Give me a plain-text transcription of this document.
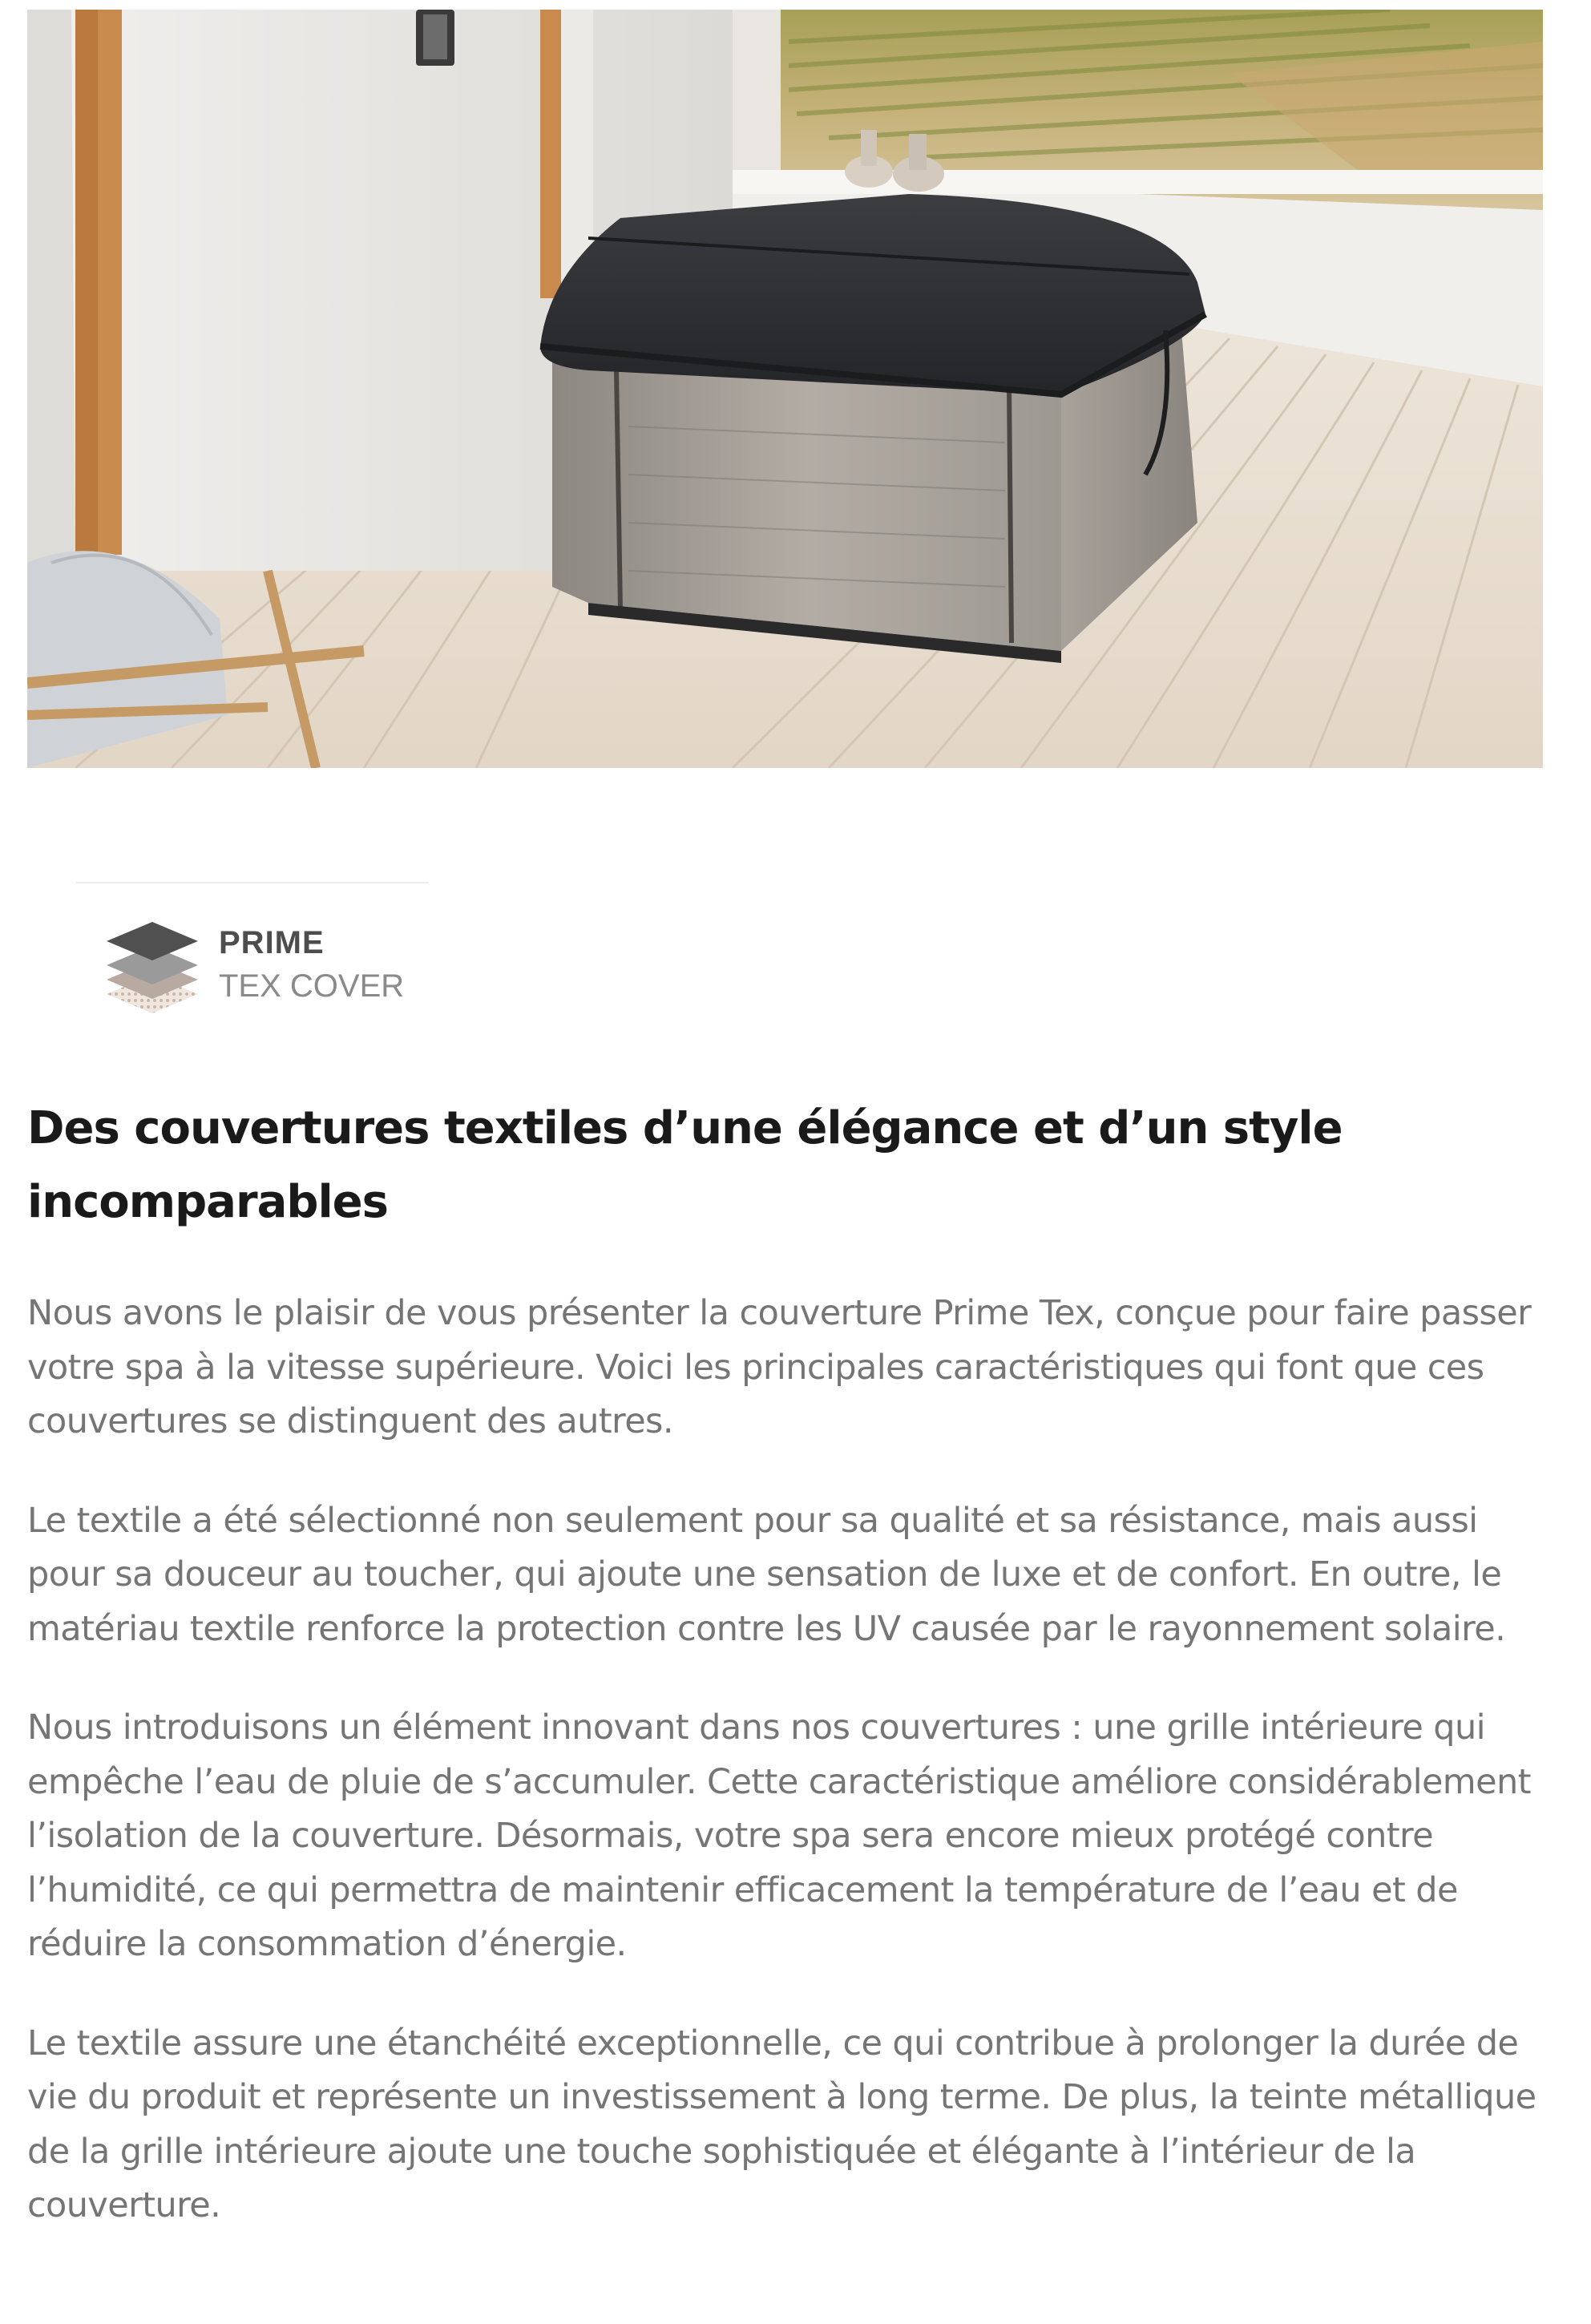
PRIME
TEX COVER
Des couvertures textiles d’une élégance et d’un style incomparables

Nous avons le plaisir de vous présenter la couverture Prime Tex, conçue pour faire passer votre spa à la vitesse supérieure. Voici les principales caractéristiques qui font que ces couvertures se distinguent des autres.

Le textile a été sélectionné non seulement pour sa qualité et sa résistance, mais aussi pour sa douceur au toucher, qui ajoute une sensation de luxe et de confort. En outre, le matériau textile renforce la protection contre les UV causée par le rayonnement solaire.

Nous introduisons un élément innovant dans nos couvertures : une grille intérieure qui empêche l’eau de pluie de s’accumuler. Cette caractéristique améliore considérablement l’isolation de la couverture. Désormais, votre spa sera encore mieux protégé contre l’humidité, ce qui permettra de maintenir efficacement la température de l’eau et de réduire la consommation d’énergie.

Le textile assure une étanchéité exceptionnelle, ce qui contribue à prolonger la durée de vie du produit et représente un investissement à long terme. De plus, la teinte métallique de la grille intérieure ajoute une touche sophistiquée et élégante à l’intérieur de la couverture.
